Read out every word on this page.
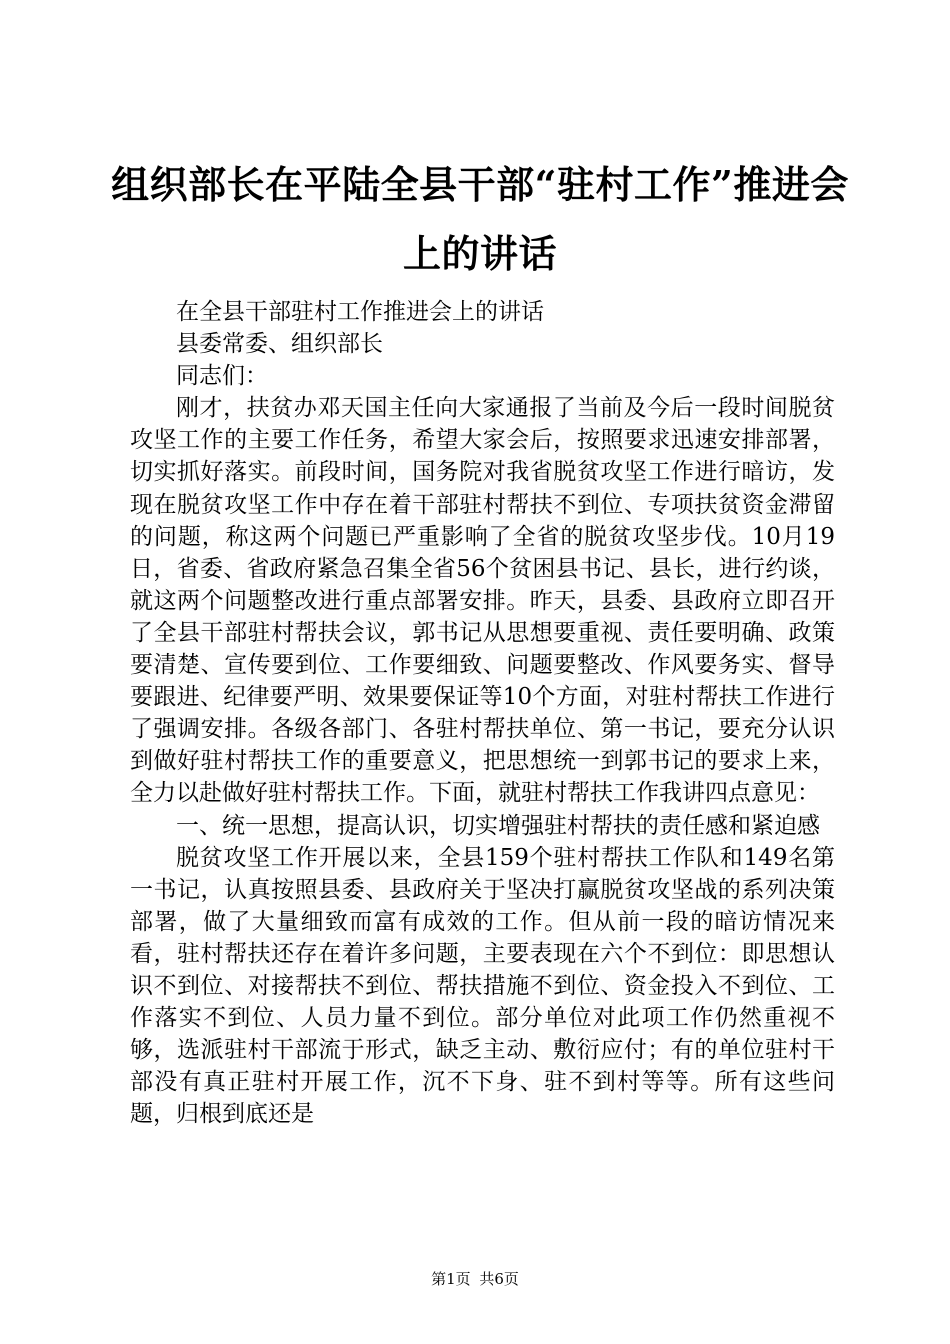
组织部长在平陆全县干部“驻村工作”推进会上的讲话

在全县干部驻村工作推进会上的讲话

县委常委、组织部长

同志们：

刚才，扶贫办邓天国主任向大家通报了当前及今后一段时间脱贫攻坚工作的主要工作任务，希望大家会后，按照要求迅速安排部署，切实抓好落实。前段时间，国务院对我省脱贫攻坚工作进行暗访，发现在脱贫攻坚工作中存在着干部驻村帮扶不到位、专项扶贫资金滞留的问题，称这两个问题已严重影响了全省的脱贫攻坚步伐。10月19日，省委、省政府紧急召集全省56个贫困县书记、县长，进行约谈，就这两个问题整改进行重点部署安排。昨天，县委、县政府立即召开了全县干部驻村帮扶会议，郭书记从思想要重视、责任要明确、政策要清楚、宣传要到位、工作要细致、问题要整改、作风要务实、督导要跟进、纪律要严明、效果要保证等10个方面，对驻村帮扶工作进行了强调安排。各级各部门、各驻村帮扶单位、第一书记，要充分认识到做好驻村帮扶工作的重要意义，把思想统一到郭书记的要求上来，全力以赴做好驻村帮扶工作。下面，就驻村帮扶工作我讲四点意见：

一、统一思想，提高认识，切实增强驻村帮扶的责任感和紧迫感

脱贫攻坚工作开展以来，全县159个驻村帮扶工作队和149名第一书记，认真按照县委、县政府关于坚决打赢脱贫攻坚战的系列决策部署，做了大量细致而富有成效的工作。但从前一段的暗访情况来看，驻村帮扶还存在着许多问题，主要表现在六个不到位：即思想认识不到位、对接帮扶不到位、帮扶措施不到位、资金投入不到位、工作落实不到位、人员力量不到位。部分单位对此项工作仍然重视不够，选派驻村干部流于形式，缺乏主动、敷衍应付；有的单位驻村干部没有真正驻村开展工作，沉不下身、驻不到村等等。所有这些问题，归根到底还是

第1页 共6页
